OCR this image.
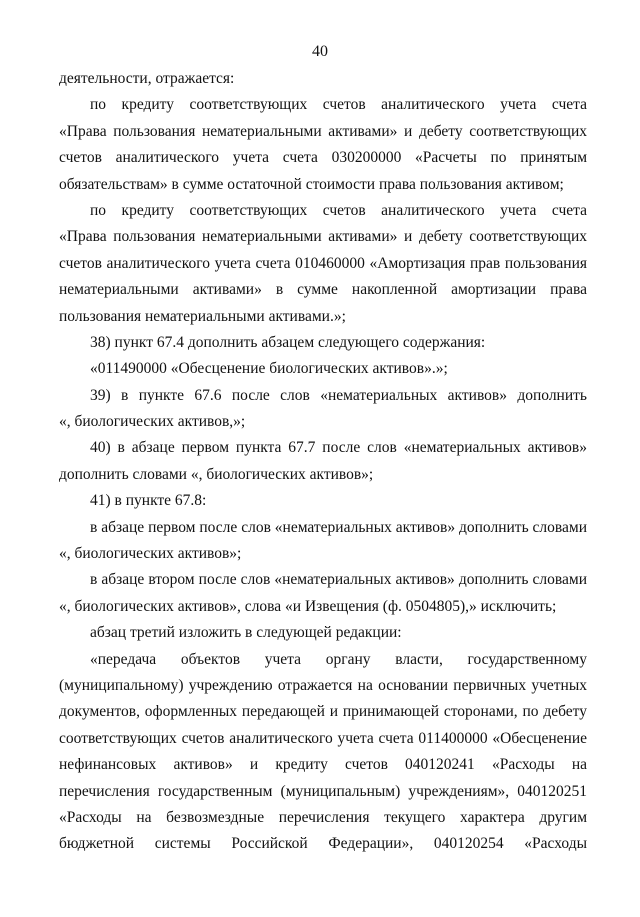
40
деятельности, отражается:
по кредиту соответствующих счетов аналитического учета счета
«Права пользования нематериальными активами» и дебету соответствующих
счетов аналитического учета счета 030200000 «Расчеты по принятым
обязательствам» в сумме остаточной стоимости права пользования активом;
по кредиту соответствующих счетов аналитического учета счета
«Права пользования нематериальными активами» и дебету соответствующих
счетов аналитического учета счета 010460000 «Амортизация прав пользования
нематериальными активами» в сумме накопленной амортизации права
пользования нематериальными активами.»;
38) пункт 67.4 дополнить абзацем следующего содержания:
«011490000 «Обесценение биологических активов».»;
39) в пункте 67.6 после слов «нематериальных активов» дополнить
«, биологических активов,»;
40) в абзаце первом пункта 67.7 после слов «нематериальных активов»
дополнить словами «, биологических активов»;
41) в пункте 67.8:
в абзаце первом после слов «нематериальных активов» дополнить словами
«, биологических активов»;
в абзаце втором после слов «нематериальных активов» дополнить словами
«, биологических активов», слова «и Извещения (ф. 0504805),» исключить;
абзац третий изложить в следующей редакции:
«передача объектов учета органу власти, государственному
(муниципальному) учреждению отражается на основании первичных учетных
документов, оформленных передающей и принимающей сторонами, по дебету
соответствующих счетов аналитического учета счета 011400000 «Обесценение
нефинансовых активов» и кредиту счетов 040120241 «Расходы на
перечисления государственным (муниципальным) учреждениям», 040120251
«Расходы на безвозмездные перечисления текущего характера другим
бюджетной системы Российской Федерации», 040120254 «Расходы
